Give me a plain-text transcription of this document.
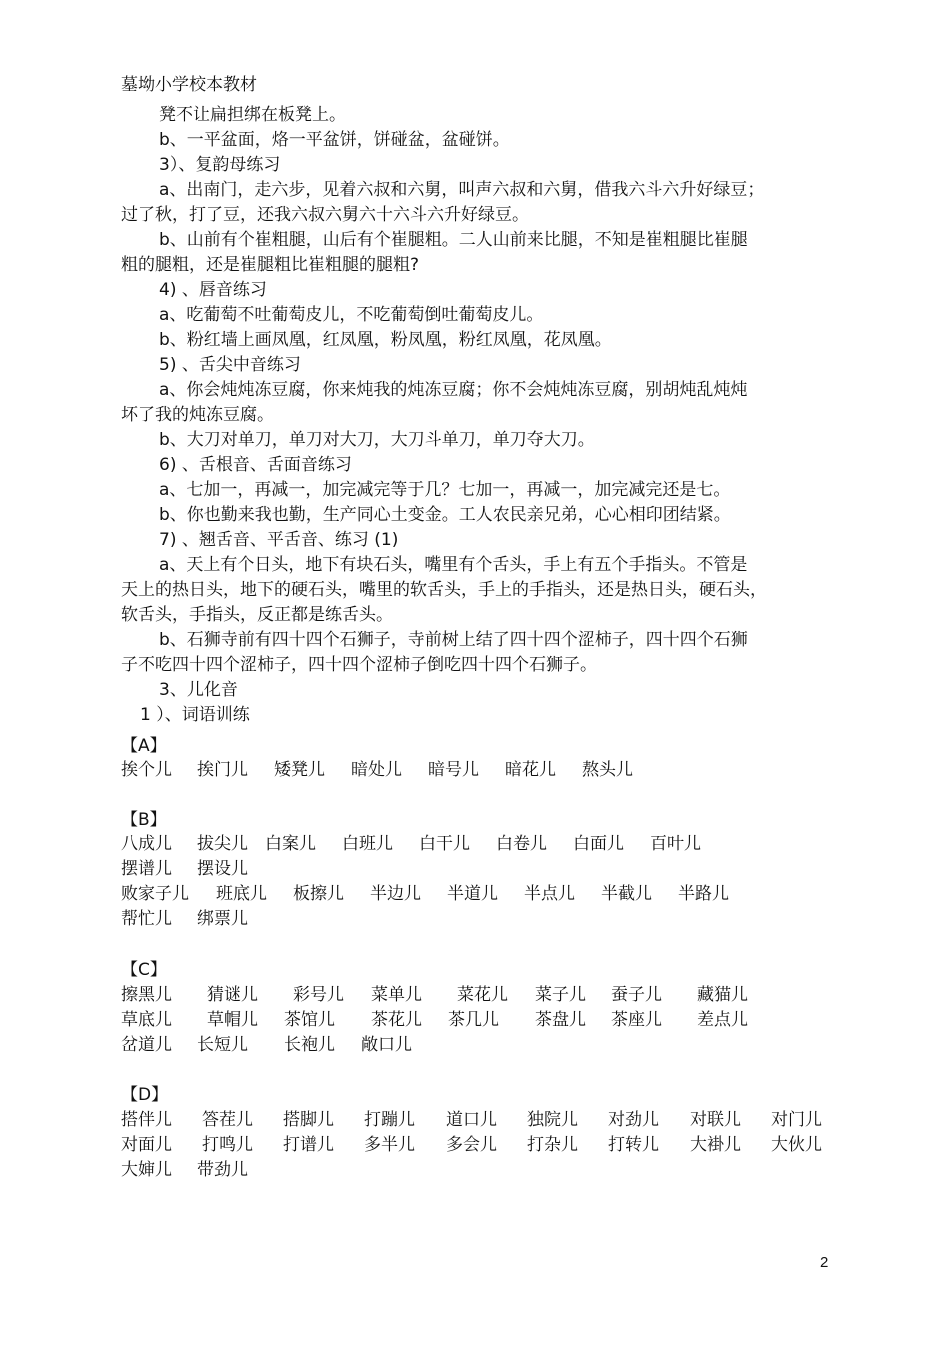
墓坳小学校本教材
凳不让扁担绑在板凳上。
b、一平盆面，烙一平盆饼，饼碰盆，盆碰饼。
3）、复韵母练习
a、出南门，走六步，见着六叔和六舅，叫声六叔和六舅，借我六斗六升好绿豆；
过了秋，打了豆，还我六叔六舅六十六斗六升好绿豆。
b、山前有个崔粗腿，山后有个崔腿粗。二人山前来比腿，不知是崔粗腿比崔腿
粗的腿粗，还是崔腿粗比崔粗腿的腿粗?
4) 、唇音练习
a、吃葡萄不吐葡萄皮儿，不吃葡萄倒吐葡萄皮儿。
b、粉红墙上画凤凰，红凤凰，粉凤凰，粉红凤凰，花凤凰。
5) 、舌尖中音练习
a、你会炖炖冻豆腐，你来炖我的炖冻豆腐；你不会炖炖冻豆腐，别胡炖乱炖炖
坏了我的炖冻豆腐。
b、大刀对单刀，单刀对大刀，大刀斗单刀，单刀夺大刀。
6) 、舌根音、舌面音练习
a、七加一，再减一，加完减完等于几？七加一，再减一，加完减完还是七。
b、你也勤来我也勤，生产同心土变金。工人农民亲兄弟，心心相印团结紧。
7) 、翘舌音、平舌音、练习 (1)
a、天上有个日头，地下有块石头，嘴里有个舌头，手上有五个手指头。不管是
天上的热日头，地下的硬石头，嘴里的软舌头，手上的手指头，还是热日头，硬石头，
软舌头，手指头，反正都是练舌头。
b、石狮寺前有四十四个石狮子，寺前树上结了四十四个涩柿子，四十四个石狮
子不吃四十四个涩柿子，四十四个涩柿子倒吃四十四个石狮子。
3、儿化音
1 ）、词语训练
【A】
挨个儿 挨门儿 矮凳儿 暗处儿 暗号儿 暗花儿 熬头儿
【B】
八成儿 拔尖儿 白案儿 白班儿 白干儿 白卷儿 白面儿 百叶儿
摆谱儿 摆设儿
败家子儿 班底儿 板擦儿 半边儿 半道儿 半点儿 半截儿 半路儿
帮忙儿 绑票儿
【C】
擦黑儿 猜谜儿 彩号儿 菜单儿 菜花儿 菜子儿 蚕子儿 藏猫儿
草底儿 草帽儿 茶馆儿 茶花儿 茶几儿 茶盘儿 茶座儿 差点儿
岔道儿 长短儿 长袍儿 敞口儿
【D】
搭伴儿 答茬儿 搭脚儿 打蹦儿 道口儿 独院儿 对劲儿 对联儿 对门儿
对面儿 打鸣儿 打谱儿 多半儿 多会儿 打杂儿 打转儿 大褂儿 大伙儿
大婶儿 带劲儿
2
